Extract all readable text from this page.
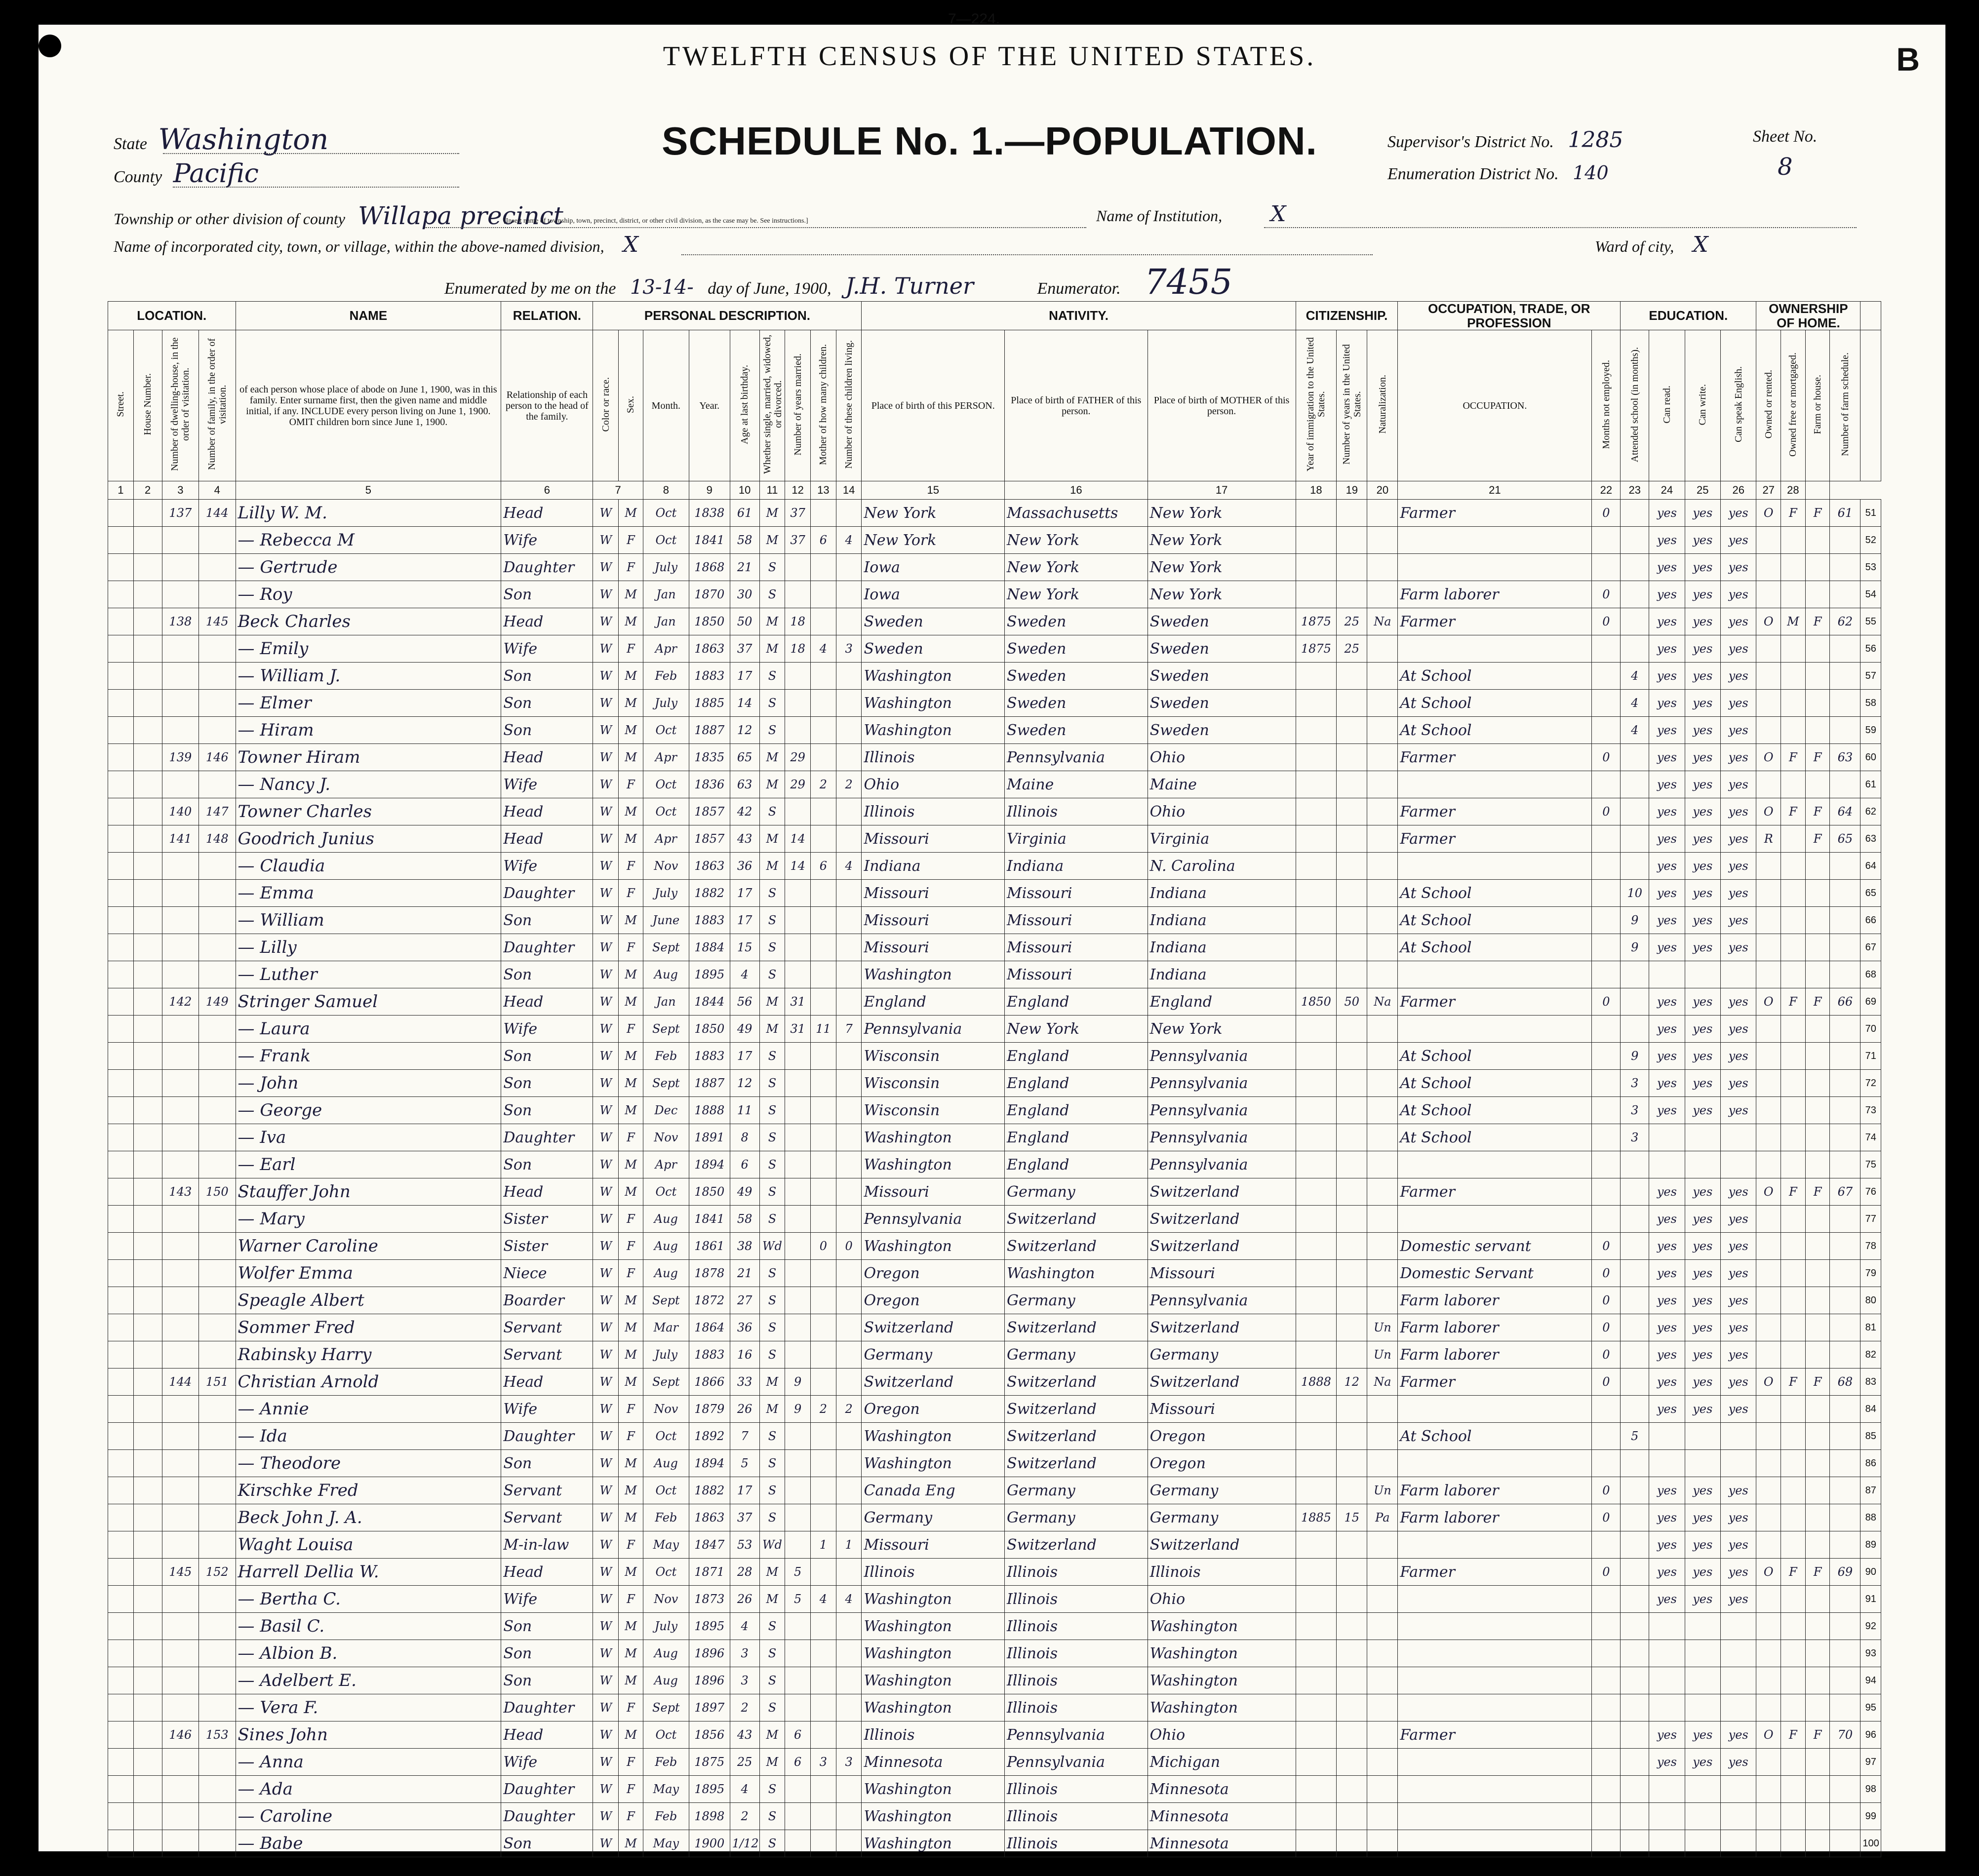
7—224.
TWELFTH CENSUS OF THE UNITED STATES.	B
SCHEDULE No. 1.—POPULATION.
State Washington
County Pacific
Supervisor's District No. 1285
Enumeration District No. 140
Sheet No.
8
Township or other division of county Willapa precinct
[Insert name of township, town, precinct, district, or other civil division, as the case may be. See instructions.]	Name of Institution, X
Name of incorporated city, town, or village, within the above-named division, X	Ward of city, X
Enumerated by me on the 13-14- day of June, 1900, J.H. Turner	Enumerator. 7455
LOCATION.				NAME	RELATION.	PERSONAL DESCRIPTION.									NATIVITY.			CITIZENSHIP.			OCCUPATION, TRADE, OR PROFESSION		EDUCATION.				OWNERSHIP OF HOME.				
Street.	House Number.	Number of dwelling-house, in the order of visitation.	Number of family, in the order of visitation.	of each person whose place of abode on June 1, 1900, was in this family. Enter surname first, then the given name and middle initial, if any. INCLUDE every person living on June 1, 1900. OMIT children born since June 1, 1900.	Relationship of each person to the head of the family.	Color or race.	Sex.	Month.	Year.	Age at last birthday.	Whether single, married, widowed, or divorced.	Number of years married.	Mother of how many children.	Number of these children living.	Place of birth of this PERSON.	Place of birth of FATHER of this person.	Place of birth of MOTHER of this person.	Year of immigration to the United States.	Number of years in the United States.	Naturalization.	OCCUPATION.	Months not employed.	Attended school (in months).	Can read.	Can write.	Can speak English.	Owned or rented.	Owned free or mortgaged.	Farm or house.	Number of farm schedule.	
1	2	3	4	5	6	7		8	9	10	11	12	13	14	15	16	17	18	19	20	21	22	23	24	25	26	27	28			
		137	144	Lilly W. M.	Head	W	M	Oct	1838	61	M	37			New York	Massachusetts	New York				Farmer	0		yes	yes	yes	O	F	F	61	51
				— Rebecca M	Wife	W	F	Oct	1841	58	M	37	6	4	New York	New York	New York							yes	yes	yes					52
				— Gertrude	Daughter	W	F	July	1868	21	S				Iowa	New York	New York							yes	yes	yes					53
				— Roy	Son	W	M	Jan	1870	30	S				Iowa	New York	New York				Farm laborer	0		yes	yes	yes					54
		138	145	Beck Charles	Head	W	M	Jan	1850	50	M	18			Sweden	Sweden	Sweden	1875	25	Na	Farmer	0		yes	yes	yes	O	M	F	62	55
				— Emily	Wife	W	F	Apr	1863	37	M	18	4	3	Sweden	Sweden	Sweden	1875	25					yes	yes	yes					56
				— William J.	Son	W	M	Feb	1883	17	S				Washington	Sweden	Sweden				At School		4	yes	yes	yes					57
				— Elmer	Son	W	M	July	1885	14	S				Washington	Sweden	Sweden				At School		4	yes	yes	yes					58
				— Hiram	Son	W	M	Oct	1887	12	S				Washington	Sweden	Sweden				At School		4	yes	yes	yes					59
		139	146	Towner Hiram	Head	W	M	Apr	1835	65	M	29			Illinois	Pennsylvania	Ohio				Farmer	0		yes	yes	yes	O	F	F	63	60
				— Nancy J.	Wife	W	F	Oct	1836	63	M	29	2	2	Ohio	Maine	Maine							yes	yes	yes					61
		140	147	Towner Charles	Head	W	M	Oct	1857	42	S				Illinois	Illinois	Ohio				Farmer	0		yes	yes	yes	O	F	F	64	62
		141	148	Goodrich Junius	Head	W	M	Apr	1857	43	M	14			Missouri	Virginia	Virginia				Farmer			yes	yes	yes	R		F	65	63
				— Claudia	Wife	W	F	Nov	1863	36	M	14	6	4	Indiana	Indiana	N. Carolina							yes	yes	yes					64
				— Emma	Daughter	W	F	July	1882	17	S				Missouri	Missouri	Indiana				At School		10	yes	yes	yes					65
				— William	Son	W	M	June	1883	17	S				Missouri	Missouri	Indiana				At School		9	yes	yes	yes					66
				— Lilly	Daughter	W	F	Sept	1884	15	S				Missouri	Missouri	Indiana				At School		9	yes	yes	yes					67
				— Luther	Son	W	M	Aug	1895	4	S				Washington	Missouri	Indiana														68
		142	149	Stringer Samuel	Head	W	M	Jan	1844	56	M	31			England	England	England	1850	50	Na	Farmer	0		yes	yes	yes	O	F	F	66	69
				— Laura	Wife	W	F	Sept	1850	49	M	31	11	7	Pennsylvania	New York	New York							yes	yes	yes					70
				— Frank	Son	W	M	Feb	1883	17	S				Wisconsin	England	Pennsylvania				At School		9	yes	yes	yes					71
				— John	Son	W	M	Sept	1887	12	S				Wisconsin	England	Pennsylvania				At School		3	yes	yes	yes					72
				— George	Son	W	M	Dec	1888	11	S				Wisconsin	England	Pennsylvania				At School		3	yes	yes	yes					73
				— Iva	Daughter	W	F	Nov	1891	8	S				Washington	England	Pennsylvania				At School		3								74
				— Earl	Son	W	M	Apr	1894	6	S				Washington	England	Pennsylvania														75
		143	150	Stauffer John	Head	W	M	Oct	1850	49	S				Missouri	Germany	Switzerland				Farmer			yes	yes	yes	O	F	F	67	76
				— Mary	Sister	W	F	Aug	1841	58	S				Pennsylvania	Switzerland	Switzerland							yes	yes	yes					77
				Warner Caroline	Sister	W	F	Aug	1861	38	Wd		0	0	Washington	Switzerland	Switzerland				Domestic servant	0		yes	yes	yes					78
				Wolfer Emma	Niece	W	F	Aug	1878	21	S				Oregon	Washington	Missouri				Domestic Servant	0		yes	yes	yes					79
				Speagle Albert	Boarder	W	M	Sept	1872	27	S				Oregon	Germany	Pennsylvania				Farm laborer	0		yes	yes	yes					80
				Sommer Fred	Servant	W	M	Mar	1864	36	S				Switzerland	Switzerland	Switzerland			Un	Farm laborer	0		yes	yes	yes					81
				Rabinsky Harry	Servant	W	M	July	1883	16	S				Germany	Germany	Germany			Un	Farm laborer	0		yes	yes	yes					82
		144	151	Christian Arnold	Head	W	M	Sept	1866	33	M	9			Switzerland	Switzerland	Switzerland	1888	12	Na	Farmer	0		yes	yes	yes	O	F	F	68	83
				— Annie	Wife	W	F	Nov	1879	26	M	9	2	2	Oregon	Switzerland	Missouri							yes	yes	yes					84
				— Ida	Daughter	W	F	Oct	1892	7	S				Washington	Switzerland	Oregon				At School		5								85
				— Theodore	Son	W	M	Aug	1894	5	S				Washington	Switzerland	Oregon														86
				Kirschke Fred	Servant	W	M	Oct	1882	17	S				Canada Eng	Germany	Germany			Un	Farm laborer	0		yes	yes	yes					87
				Beck John J. A.	Servant	W	M	Feb	1863	37	S				Germany	Germany	Germany	1885	15	Pa	Farm laborer	0		yes	yes	yes					88
				Waght Louisa	M-in-law	W	F	May	1847	53	Wd		1	1	Missouri	Switzerland	Switzerland							yes	yes	yes					89
		145	152	Harrell Dellia W.	Head	W	M	Oct	1871	28	M	5			Illinois	Illinois	Illinois				Farmer	0		yes	yes	yes	O	F	F	69	90
				— Bertha C.	Wife	W	F	Nov	1873	26	M	5	4	4	Washington	Illinois	Ohio							yes	yes	yes					91
				— Basil C.	Son	W	M	July	1895	4	S				Washington	Illinois	Washington														92
				— Albion B.	Son	W	M	Aug	1896	3	S				Washington	Illinois	Washington														93
				— Adelbert E.	Son	W	M	Aug	1896	3	S				Washington	Illinois	Washington														94
				— Vera F.	Daughter	W	F	Sept	1897	2	S				Washington	Illinois	Washington														95
		146	153	Sines John	Head	W	M	Oct	1856	43	M	6			Illinois	Pennsylvania	Ohio				Farmer			yes	yes	yes	O	F	F	70	96
				— Anna	Wife	W	F	Feb	1875	25	M	6	3	3	Minnesota	Pennsylvania	Michigan							yes	yes	yes					97
				— Ada	Daughter	W	F	May	1895	4	S				Washington	Illinois	Minnesota														98
				— Caroline	Daughter	W	F	Feb	1898	2	S				Washington	Illinois	Minnesota														99
				— Babe	Son	W	M	May	1900	1/12	S				Washington	Illinois	Minnesota														100
